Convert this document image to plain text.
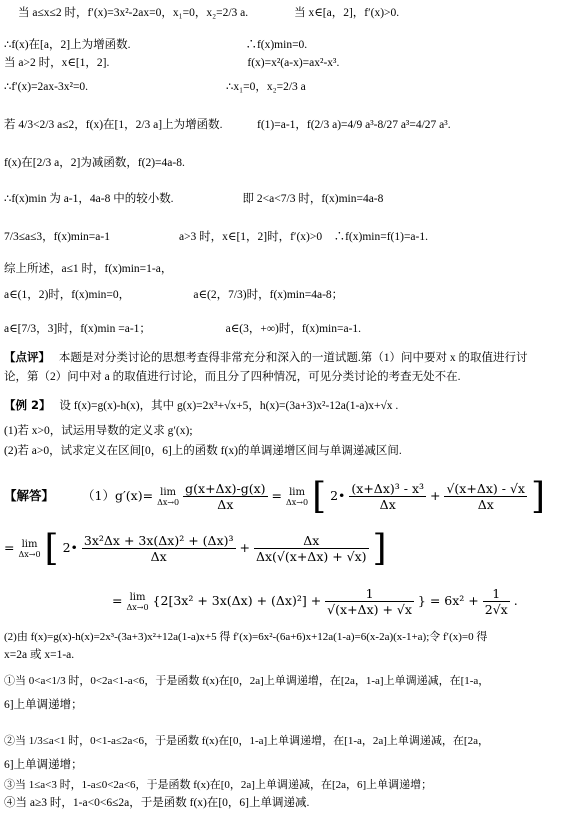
当 a≤x≤2 时，f′(x)=3x²-2ax=0，x₁=0，x₂=2/3 a.　　　　当 x∈[a，2]，f′(x)>0.
∴f(x)在[a，2]上为增函数.　　　　　　　　　　∴f(x)min=0.
当 a>2 时，x∈[1，2].　　　　　　　　　　　　f(x)=x²(a-x)=ax²-x³.
∴f′(x)=2ax-3x²=0.　　　　　　　　　　　　∴x₁=0，x₂=2/3 a
若 4/3<2/3 a≤2，f(x)在[1，2/3 a]上为增函数.　　　f(1)=a-1，f(2/3 a)=4/9 a³-8/27 a³=4/27 a³.
f(x)在[2/3 a，2]为减函数，f(2)=4a-8.
∴f(x)min 为 a-1，4a-8 中的较小数.　　　　　　即 2<a<7/3 时，f(x)min=4a-8
7/3≤a≤3，f(x)min=a-1　　　　　　a>3 时，x∈[1，2]时，f′(x)>0　∴f(x)min=f(1)=a-1.
综上所述，a≤1 时，f(x)min=1-a，
a∈(1，2)时，f(x)min=0，　　　　　　a∈(2，7/3)时，f(x)min=4a-8；
a∈[7/3，3]时，f(x)min =a-1；　　　　　　　a∈(3，+∞)时，f(x)min=a-1.
【点评】 本题是对分类讨论的思想考查得非常充分和深入的一道试题.第（1）问中要对 x 的取值进行讨
论，第（2）问中对 a 的取值进行讨论，而且分了四种情况，可见分类讨论的考查无处不在.
【例 2】 设 f(x)=g(x)-h(x)，其中 g(x)=2x³+√x+5，h(x)=(3a+3)x²-12a(1-a)x+√x .
(1)若 x>0，试运用导数的定义求 g′(x);
(2)若 a>0，试求定义在区间[0，6]上的函数 f(x)的单调递增区间与单调递减区间.
【解答】 （1）g′(x)= lim
Δx→0
$\frac{g(x+\Delta x)-g(x)}{\Delta x} = \lim$
Δx→0 [ 2• $\frac{\text{(x+Δx)³ - x³}}{\Delta x} + \frac{√(x+\Delta x) - √x}{\Delta x}$ ]
= lim
Δx→0 [ 2• $\frac{\text{3x²Δx + 3x(Δx)² + (Δx)³}}{\Delta x} + \frac{\Delta x}{\Delta x(√(x+\Delta x) + √x)}$ ]
= lim
Δx→0 {$2[3x^2 + 3x(\Delta x) + (\Delta x)^2] + \frac{1}{√(x+\Delta x) + √x}$ } = $6x^2 + \frac{1}{2√x}$ .
(2)由 f(x)=g(x)-h(x)=2x³-(3a+3)x²+12a(1-a)x+5 得 f′(x)=6x²-(6a+6)x+12a(1-a)=6(x-2a)(x-1+a);令 f′(x)=0 得
x=2a 或 x=1-a.
①当 0<a<1/3 时，0<2a<1-a<6，于是函数 f(x)在[0，2a]上单调递增，在[2a，1-a]上单调递减，在[1-a，
6]上单调递增；
②当 1/3≤a<1 时，0<1-a≤2a<6，于是函数 f(x)在[0，1-a]上单调递增，在[1-a，2a]上单调递减，在[2a，
6]上单调递增；
③当 1≤a<3 时，1-a≤0<2a<6，于是函数 f(x)在[0，2a]上单调递减，在[2a，6]上单调递增；
④当 a≥3 时，1-a<0<6≤2a，于是函数 f(x)在[0，6]上单调递减.
